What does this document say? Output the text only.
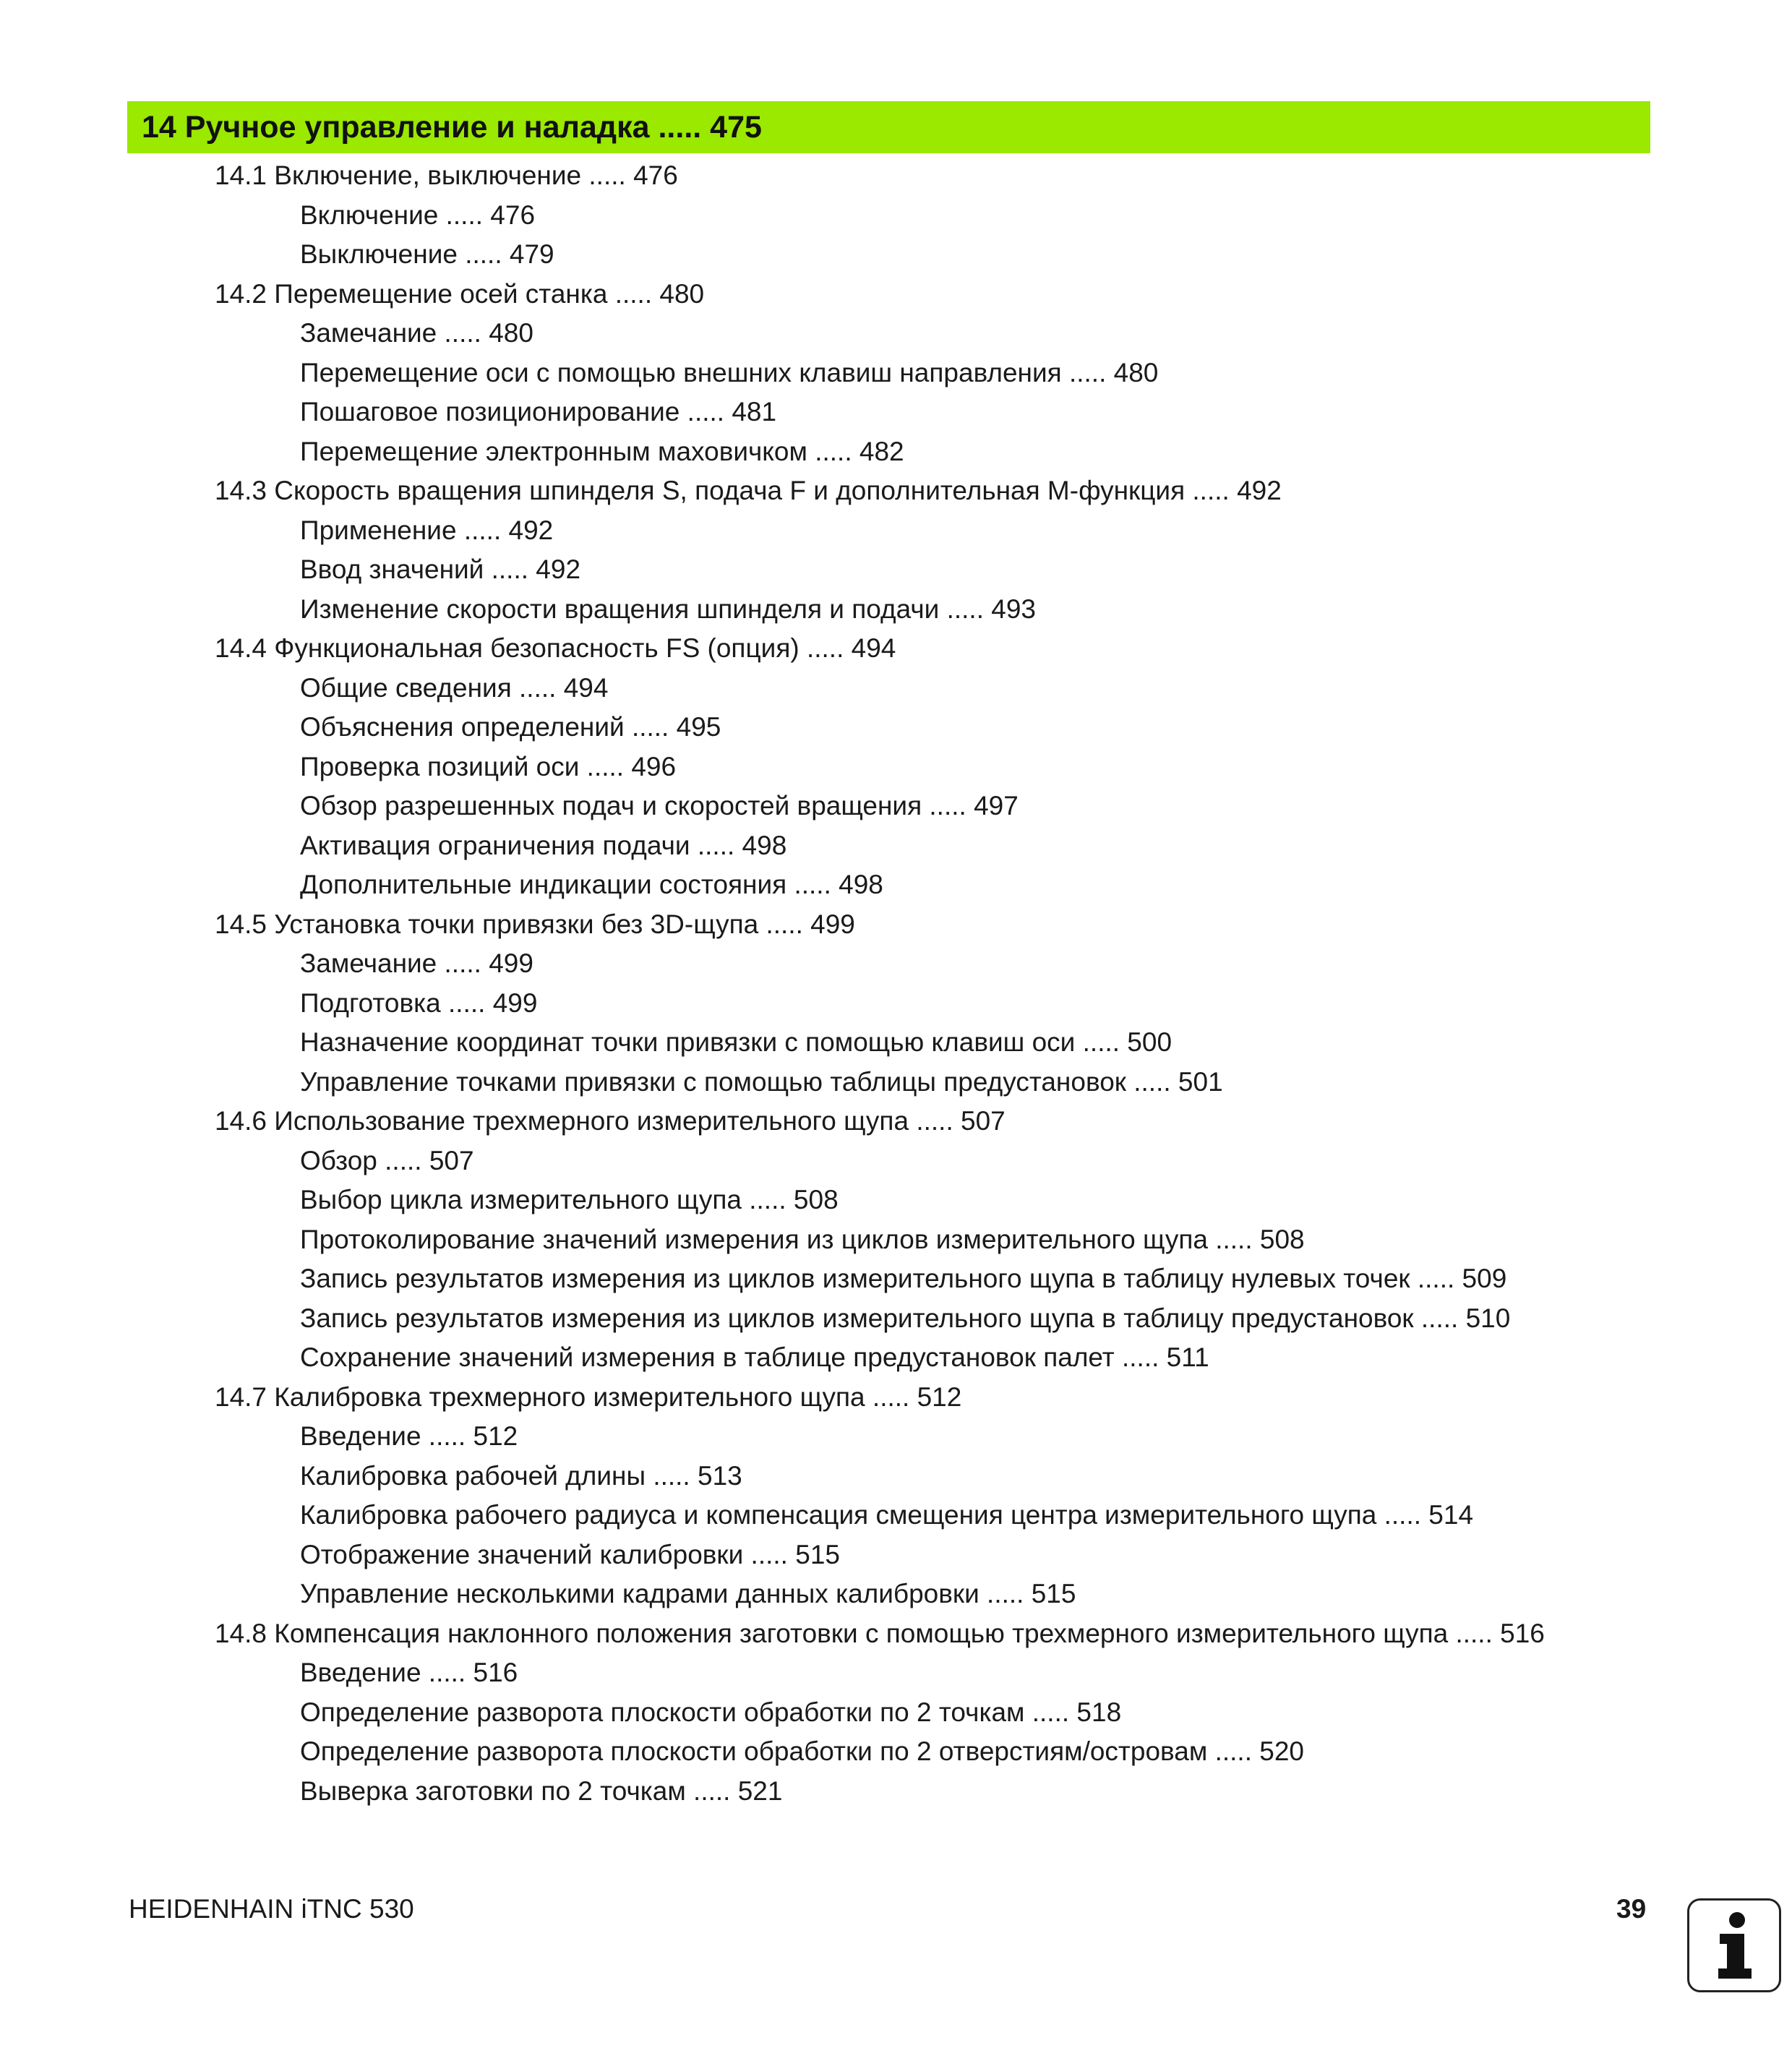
14 Ручное управление и наладка ..... 475
14.1 Включение, выключение ..... 476
Включение ..... 476
Выключение ..... 479
14.2 Перемещение осей станка ..... 480
Замечание ..... 480
Перемещение оси с помощью внешних клавиш направления ..... 480
Пошаговое позиционирование ..... 481
Перемещение электронным маховичком ..... 482
14.3 Скорость вращения шпинделя S, подача F и дополнительная M-функция ..... 492
Применение ..... 492
Ввод значений ..... 492
Изменение скорости вращения шпинделя и подачи ..... 493
14.4 Функциональная безопасность FS (опция) ..... 494
Общие сведения ..... 494
Объяснения определений ..... 495
Проверка позиций оси ..... 496
Обзор разрешенных подач и скоростей вращения ..... 497
Активация ограничения подачи ..... 498
Дополнительные индикации состояния ..... 498
14.5 Установка точки привязки без 3D-щупа ..... 499
Замечание ..... 499
Подготовка ..... 499
Назначение координат точки привязки с помощью клавиш оси ..... 500
Управление точками привязки с помощью таблицы предустановок ..... 501
14.6 Использование трехмерного измерительного щупа ..... 507
Обзор ..... 507
Выбор цикла измерительного щупа ..... 508
Протоколирование значений измерения из циклов измерительного щупа ..... 508
Запись результатов измерения из циклов измерительного щупа в таблицу нулевых точек ..... 509
Запись результатов измерения из циклов измерительного щупа в таблицу предустановок ..... 510
Сохранение значений измерения в таблице предустановок палет ..... 511
14.7 Калибровка трехмерного измерительного щупа ..... 512
Введение ..... 512
Калибровка рабочей длины ..... 513
Калибровка рабочего радиуса и компенсация смещения центра измерительного щупа ..... 514
Отображение значений калибровки ..... 515
Управление несколькими кадрами данных калибровки ..... 515
14.8 Компенсация наклонного положения заготовки с помощью трехмерного измерительного щупа ..... 516
Введение ..... 516
Определение разворота плоскости обработки по 2 точкам ..... 518
Определение разворота плоскости обработки по 2 отверстиям/островам ..... 520
Выверка заготовки по 2 точкам ..... 521
HEIDENHAIN iTNC 530	39
